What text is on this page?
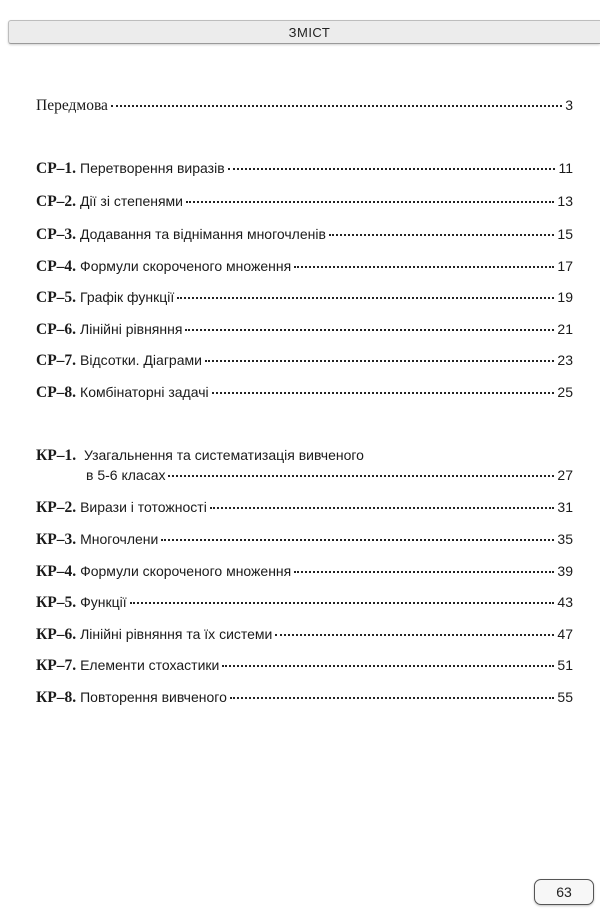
ЗМІСТ
Передмова	3
СР–1. Перетворення виразів	11
СР–2. Дії зі степенями	13
СР–3. Додавання та віднімання многочленів	15
СР–4. Формули скороченого множення	17
СР–5. Графік функції	19
СР–6. Лінійні рівняння	21
СР–7. Відсотки. Діаграми	23
СР–8. Комбінаторні задачі	25
КР–1. Узагальнення та систематизація вивченого
в 5-6 класах	27
КР–2. Вирази і тотожності	31
КР–3. Многочлени	35
КР–4. Формули скороченого множення	39
КР–5. Функції	43
КР–6. Лінійні рівняння та їх системи	47
КР–7. Елементи стохастики	51
КР–8. Повторення вивченого	55
63
